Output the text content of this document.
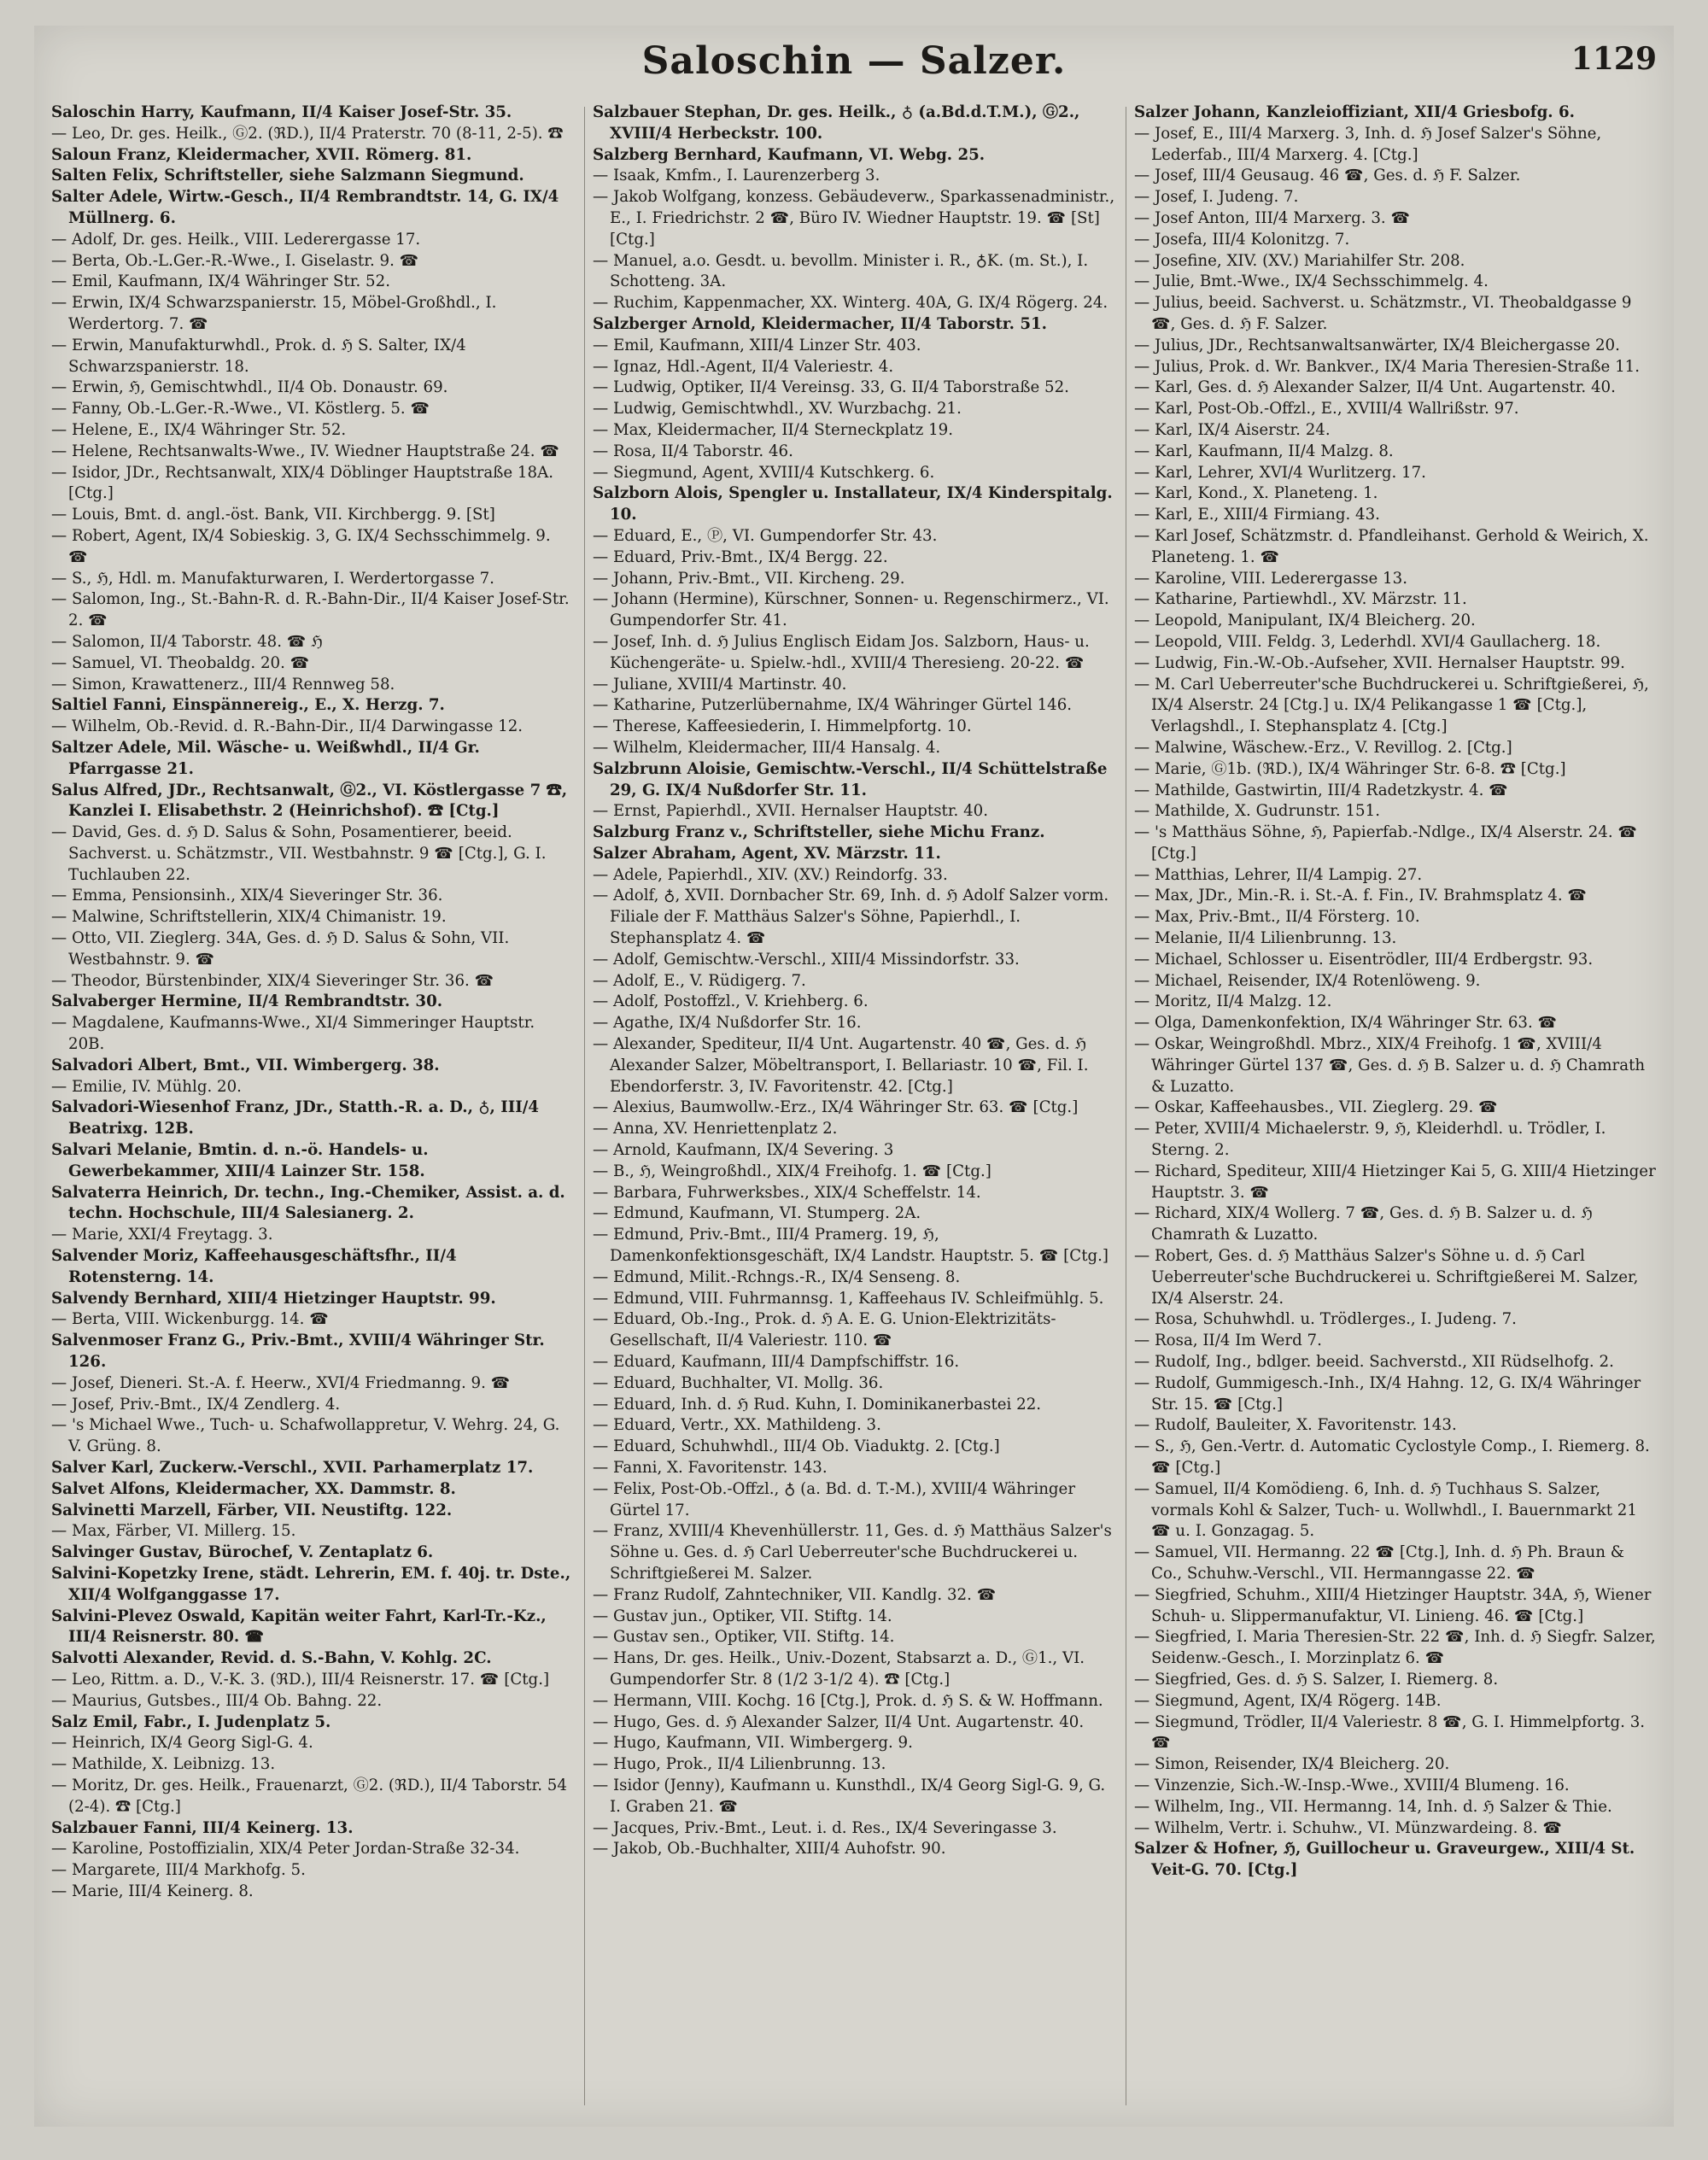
Saloschin — Salzer.	1129

Saloschin Harry, Kaufmann, II/4 Kaiser Josef-Str. 35.

— Leo, Dr. ges. Heilk., Ⓖ2. (ℜD.), II/4 Praterstr. 70 (8-11, 2-5). ☎

Saloun Franz, Kleidermacher, XVII. Römerg. 81.

Salten Felix, Schriftsteller, siehe Salzmann Siegmund.

Salter Adele, Wirtw.-Gesch., II/4 Rembrandtstr. 14, G. IX/4 Müllnerg. 6.

— Adolf, Dr. ges. Heilk., VIII. Lederergasse 17.

— Berta, Ob.-L.Ger.-R.-Wwe., I. Giselastr. 9. ☎

— Emil, Kaufmann, IX/4 Währinger Str. 52.

— Erwin, IX/4 Schwarzspanierstr. 15, Möbel-Großhdl., I. Werdertorg. 7. ☎

— Erwin, Manufakturwhdl., Prok. d. ℌ S. Salter, IX/4 Schwarzspanierstr. 18.

— Erwin, ℌ, Gemischtwhdl., II/4 Ob. Donaustr. 69.

— Fanny, Ob.-L.Ger.-R.-Wwe., VI. Köstlerg. 5. ☎

— Helene, E., IX/4 Währinger Str. 52.

— Helene, Rechtsanwalts-Wwe., IV. Wiedner Hauptstraße 24. ☎

— Isidor, JDr., Rechtsanwalt, XIX/4 Döblinger Hauptstraße 18A. [Ctg.]

— Louis, Bmt. d. angl.-öst. Bank, VII. Kirchbergg. 9. [St]

— Robert, Agent, IX/4 Sobieskig. 3, G. IX/4 Sechsschimmelg. 9. ☎

— S., ℌ, Hdl. m. Manufakturwaren, I. Werdertorgasse 7.

— Salomon, Ing., St.-Bahn-R. d. R.-Bahn-Dir., II/4 Kaiser Josef-Str. 2. ☎

— Salomon, II/4 Taborstr. 48. ☎ ℌ

— Samuel, VI. Theobaldg. 20. ☎

— Simon, Krawattenerz., III/4 Rennweg 58.

Saltiel Fanni, Einspännereig., E., X. Herzg. 7.

— Wilhelm, Ob.-Revid. d. R.-Bahn-Dir., II/4 Darwingasse 12.

Saltzer Adele, Mil. Wäsche- u. Weißwhdl., II/4 Gr. Pfarrgasse 21.

Salus Alfred, JDr., Rechtsanwalt, Ⓖ2., VI. Köstlergasse 7 ☎, Kanzlei I. Elisabethstr. 2 (Heinrichshof). ☎ [Ctg.]

— David, Ges. d. ℌ D. Salus & Sohn, Posamentierer, beeid. Sachverst. u. Schätzmstr., VII. Westbahnstr. 9 ☎ [Ctg.], G. I. Tuchlauben 22.

— Emma, Pensionsinh., XIX/4 Sieveringer Str. 36.

— Malwine, Schriftstellerin, XIX/4 Chimanistr. 19.

— Otto, VII. Zieglerg. 34A, Ges. d. ℌ D. Salus & Sohn, VII. Westbahnstr. 9. ☎

— Theodor, Bürstenbinder, XIX/4 Sieveringer Str. 36. ☎

Salvaberger Hermine, II/4 Rembrandtstr. 30.

— Magdalene, Kaufmanns-Wwe., XI/4 Simmeringer Hauptstr. 20B.

Salvadori Albert, Bmt., VII. Wimbergerg. 38.

— Emilie, IV. Mühlg. 20.

Salvadori-Wiesenhof Franz, JDr., Statth.-R. a. D., ♁, III/4 Beatrixg. 12B.

Salvari Melanie, Bmtin. d. n.-ö. Handels- u. Gewerbekammer, XIII/4 Lainzer Str. 158.

Salvaterra Heinrich, Dr. techn., Ing.-Chemiker, Assist. a. d. techn. Hochschule, III/4 Salesianerg. 2.

— Marie, XXI/4 Freytagg. 3.

Salvender Moriz, Kaffeehausgeschäftsfhr., II/4 Rotensterng. 14.

Salvendy Bernhard, XIII/4 Hietzinger Hauptstr. 99.

— Berta, VIII. Wickenburgg. 14. ☎

Salvenmoser Franz G., Priv.-Bmt., XVIII/4 Währinger Str. 126.

— Josef, Dieneri. St.-A. f. Heerw., XVI/4 Friedmanng. 9. ☎

— Josef, Priv.-Bmt., IX/4 Zendlerg. 4.

— 's Michael Wwe., Tuch- u. Schafwollappretur, V. Wehrg. 24, G. V. Grüng. 8.

Salver Karl, Zuckerw.-Verschl., XVII. Parhamerplatz 17.

Salvet Alfons, Kleidermacher, XX. Dammstr. 8.

Salvinetti Marzell, Färber, VII. Neustiftg. 122.

— Max, Färber, VI. Millerg. 15.

Salvinger Gustav, Bürochef, V. Zentaplatz 6.

Salvini-Kopetzky Irene, städt. Lehrerin, EM. f. 40j. tr. Dste., XII/4 Wolfganggasse 17.

Salvini-Plevez Oswald, Kapitän weiter Fahrt, Karl-Tr.-Kz., III/4 Reisnerstr. 80. ☎

Salvotti Alexander, Revid. d. S.-Bahn, V. Kohlg. 2C.

— Leo, Rittm. a. D., V.-K. 3. (ℜD.), III/4 Reisnerstr. 17. ☎ [Ctg.]

— Maurius, Gutsbes., III/4 Ob. Bahng. 22.

Salz Emil, Fabr., I. Judenplatz 5.

— Heinrich, IX/4 Georg Sigl-G. 4.

— Mathilde, X. Leibnizg. 13.

— Moritz, Dr. ges. Heilk., Frauenarzt, Ⓖ2. (ℜD.), II/4 Taborstr. 54 (2-4). ☎ [Ctg.]

Salzbauer Fanni, III/4 Keinerg. 13.

— Karoline, Postoffizialin, XIX/4 Peter Jordan-Straße 32-34.

— Margarete, III/4 Markhofg. 5.

— Marie, III/4 Keinerg. 8.

Salzbauer Stephan, Dr. ges. Heilk., ♁ (a.Bd.d.T.M.), Ⓖ2., XVIII/4 Herbeckstr. 100.

Salzberg Bernhard, Kaufmann, VI. Webg. 25.

— Isaak, Kmfm., I. Laurenzerberg 3.

— Jakob Wolfgang, konzess. Gebäudeverw., Sparkassenadministr., E., I. Friedrichstr. 2 ☎, Büro IV. Wiedner Hauptstr. 19. ☎ [St] [Ctg.]

— Manuel, a.o. Gesdt. u. bevollm. Minister i. R., ♁K. (m. St.), I. Schotteng. 3A.

— Ruchim, Kappenmacher, XX. Winterg. 40A, G. IX/4 Rögerg. 24.

Salzberger Arnold, Kleidermacher, II/4 Taborstr. 51.

— Emil, Kaufmann, XIII/4 Linzer Str. 403.

— Ignaz, Hdl.-Agent, II/4 Valeriestr. 4.

— Ludwig, Optiker, II/4 Vereinsg. 33, G. II/4 Taborstraße 52.

— Ludwig, Gemischtwhdl., XV. Wurzbachg. 21.

— Max, Kleidermacher, II/4 Sterneckplatz 19.

— Rosa, II/4 Taborstr. 46.

— Siegmund, Agent, XVIII/4 Kutschkerg. 6.

Salzborn Alois, Spengler u. Installateur, IX/4 Kinderspitalg. 10.

— Eduard, E., Ⓟ, VI. Gumpendorfer Str. 43.

— Eduard, Priv.-Bmt., IX/4 Bergg. 22.

— Johann, Priv.-Bmt., VII. Kircheng. 29.

— Johann (Hermine), Kürschner, Sonnen- u. Regenschirmerz., VI. Gumpendorfer Str. 41.

— Josef, Inh. d. ℌ Julius Englisch Eidam Jos. Salzborn, Haus- u. Küchengeräte- u. Spielw.-hdl., XVIII/4 Theresieng. 20-22. ☎

— Juliane, XVIII/4 Martinstr. 40.

— Katharine, Putzerlübernahme, IX/4 Währinger Gürtel 146.

— Therese, Kaffeesiederin, I. Himmelpfortg. 10.

— Wilhelm, Kleidermacher, III/4 Hansalg. 4.

Salzbrunn Aloisie, Gemischtw.-Verschl., II/4 Schüttelstraße 29, G. IX/4 Nußdorfer Str. 11.

— Ernst, Papierhdl., XVII. Hernalser Hauptstr. 40.

Salzburg Franz v., Schriftsteller, siehe Michu Franz.

Salzer Abraham, Agent, XV. Märzstr. 11.

— Adele, Papierhdl., XIV. (XV.) Reindorfg. 33.

— Adolf, ♁, XVII. Dornbacher Str. 69, Inh. d. ℌ Adolf Salzer vorm. Filiale der F. Matthäus Salzer's Söhne, Papierhdl., I. Stephansplatz 4. ☎

— Adolf, Gemischtw.-Verschl., XIII/4 Missindorfstr. 33.

— Adolf, E., V. Rüdigerg. 7.

— Adolf, Postoffzl., V. Kriehberg. 6.

— Agathe, IX/4 Nußdorfer Str. 16.

— Alexander, Spediteur, II/4 Unt. Augartenstr. 40 ☎, Ges. d. ℌ Alexander Salzer, Möbeltransport, I. Bellariastr. 10 ☎, Fil. I. Ebendorferstr. 3, IV. Favoritenstr. 42. [Ctg.]

— Alexius, Baumwollw.-Erz., IX/4 Währinger Str. 63. ☎ [Ctg.]

— Anna, XV. Henriettenplatz 2.

— Arnold, Kaufmann, IX/4 Severing. 3

— B., ℌ, Weingroßhdl., XIX/4 Freihofg. 1. ☎ [Ctg.]

— Barbara, Fuhrwerksbes., XIX/4 Scheffelstr. 14.

— Edmund, Kaufmann, VI. Stumperg. 2A.

— Edmund, Priv.-Bmt., III/4 Pramerg. 19, ℌ, Damenkonfektionsgeschäft, IX/4 Landstr. Hauptstr. 5. ☎ [Ctg.]

— Edmund, Milit.-Rchngs.-R., IX/4 Senseng. 8.

— Edmund, VIII. Fuhrmannsg. 1, Kaffeehaus IV. Schleifmühlg. 5.

— Eduard, Ob.-Ing., Prok. d. ℌ A. E. G. Union-Elektrizitäts-Gesellschaft, II/4 Valeriestr. 110. ☎

— Eduard, Kaufmann, III/4 Dampfschiffstr. 16.

— Eduard, Buchhalter, VI. Mollg. 36.

— Eduard, Inh. d. ℌ Rud. Kuhn, I. Dominikanerbastei 22.

— Eduard, Vertr., XX. Mathildeng. 3.

— Eduard, Schuhwhdl., III/4 Ob. Viaduktg. 2. [Ctg.]

— Fanni, X. Favoritenstr. 143.

— Felix, Post-Ob.-Offzl., ♁ (a. Bd. d. T.-M.), XVIII/4 Währinger Gürtel 17.

— Franz, XVIII/4 Khevenhüllerstr. 11, Ges. d. ℌ Matthäus Salzer's Söhne u. Ges. d. ℌ Carl Ueberreuter'sche Buchdruckerei u. Schriftgießerei M. Salzer.

— Franz Rudolf, Zahntechniker, VII. Kandlg. 32. ☎

— Gustav jun., Optiker, VII. Stiftg. 14.

— Gustav sen., Optiker, VII. Stiftg. 14.

— Hans, Dr. ges. Heilk., Univ.-Dozent, Stabsarzt a. D., Ⓖ1., VI. Gumpendorfer Str. 8 (1/2 3-1/2 4). ☎ [Ctg.]

— Hermann, VIII. Kochg. 16 [Ctg.], Prok. d. ℌ S. & W. Hoffmann.

— Hugo, Ges. d. ℌ Alexander Salzer, II/4 Unt. Augartenstr. 40.

— Hugo, Kaufmann, VII. Wimbergerg. 9.

— Hugo, Prok., II/4 Lilienbrunng. 13.

— Isidor (Jenny), Kaufmann u. Kunsthdl., IX/4 Georg Sigl-G. 9, G. I. Graben 21. ☎

— Jacques, Priv.-Bmt., Leut. i. d. Res., IX/4 Severingasse 3.

— Jakob, Ob.-Buchhalter, XIII/4 Auhofstr. 90.

Salzer Johann, Kanzleioffiziant, XII/4 Griesbofg. 6.

— Josef, E., III/4 Marxerg. 3, Inh. d. ℌ Josef Salzer's Söhne, Lederfab., III/4 Marxerg. 4. [Ctg.]

— Josef, III/4 Geusaug. 46 ☎, Ges. d. ℌ F. Salzer.

— Josef, I. Judeng. 7.

— Josef Anton, III/4 Marxerg. 3. ☎

— Josefa, III/4 Kolonitzg. 7.

— Josefine, XIV. (XV.) Mariahilfer Str. 208.

— Julie, Bmt.-Wwe., IX/4 Sechsschimmelg. 4.

— Julius, beeid. Sachverst. u. Schätzmstr., VI. Theobaldgasse 9 ☎, Ges. d. ℌ F. Salzer.

— Julius, JDr., Rechtsanwaltsanwärter, IX/4 Bleichergasse 20.

— Julius, Prok. d. Wr. Bankver., IX/4 Maria Theresien-Straße 11.

— Karl, Ges. d. ℌ Alexander Salzer, II/4 Unt. Augartenstr. 40.

— Karl, Post-Ob.-Offzl., E., XVIII/4 Wallrißstr. 97.

— Karl, IX/4 Aiserstr. 24.

— Karl, Kaufmann, II/4 Malzg. 8.

— Karl, Lehrer, XVI/4 Wurlitzerg. 17.

— Karl, Kond., X. Planeteng. 1.

— Karl, E., XIII/4 Firmiang. 43.

— Karl Josef, Schätzmstr. d. Pfandleihanst. Gerhold & Weirich, X. Planeteng. 1. ☎

— Karoline, VIII. Lederergasse 13.

— Katharine, Partiewhdl., XV. Märzstr. 11.

— Leopold, Manipulant, IX/4 Bleicherg. 20.

— Leopold, VIII. Feldg. 3, Lederhdl. XVI/4 Gaullacherg. 18.

— Ludwig, Fin.-W.-Ob.-Aufseher, XVII. Hernalser Hauptstr. 99.

— M. Carl Ueberreuter'sche Buchdruckerei u. Schriftgießerei, ℌ, IX/4 Alserstr. 24 [Ctg.] u. IX/4 Pelikangasse 1 ☎ [Ctg.], Verlagshdl., I. Stephansplatz 4. [Ctg.]

— Malwine, Wäschew.-Erz., V. Revillog. 2. [Ctg.]

— Marie, Ⓖ1b. (ℜD.), IX/4 Währinger Str. 6-8. ☎ [Ctg.]

— Mathilde, Gastwirtin, III/4 Radetzkystr. 4. ☎

— Mathilde, X. Gudrunstr. 151.

— 's Matthäus Söhne, ℌ, Papierfab.-Ndlge., IX/4 Alserstr. 24. ☎ [Ctg.]

— Matthias, Lehrer, II/4 Lampig. 27.

— Max, JDr., Min.-R. i. St.-A. f. Fin., IV. Brahmsplatz 4. ☎

— Max, Priv.-Bmt., II/4 Försterg. 10.

— Melanie, II/4 Lilienbrunng. 13.

— Michael, Schlosser u. Eisentrödler, III/4 Erdbergstr. 93.

— Michael, Reisender, IX/4 Rotenlöweng. 9.

— Moritz, II/4 Malzg. 12.

— Olga, Damenkonfektion, IX/4 Währinger Str. 63. ☎

— Oskar, Weingroßhdl. Mbrz., XIX/4 Freihofg. 1 ☎, XVIII/4 Währinger Gürtel 137 ☎, Ges. d. ℌ B. Salzer u. d. ℌ Chamrath & Luzatto.

— Oskar, Kaffeehausbes., VII. Zieglerg. 29. ☎

— Peter, XVIII/4 Michaelerstr. 9, ℌ, Kleiderhdl. u. Trödler, I. Sterng. 2.

— Richard, Spediteur, XIII/4 Hietzinger Kai 5, G. XIII/4 Hietzinger Hauptstr. 3. ☎

— Richard, XIX/4 Wollerg. 7 ☎, Ges. d. ℌ B. Salzer u. d. ℌ Chamrath & Luzatto.

— Robert, Ges. d. ℌ Matthäus Salzer's Söhne u. d. ℌ Carl Ueberreuter'sche Buchdruckerei u. Schriftgießerei M. Salzer, IX/4 Alserstr. 24.

— Rosa, Schuhwhdl. u. Trödlerges., I. Judeng. 7.

— Rosa, II/4 Im Werd 7.

— Rudolf, Ing., bdlger. beeid. Sachverstd., XII Rüdselhofg. 2.

— Rudolf, Gummigesch.-Inh., IX/4 Hahng. 12, G. IX/4 Währinger Str. 15. ☎ [Ctg.]

— Rudolf, Bauleiter, X. Favoritenstr. 143.

— S., ℌ, Gen.-Vertr. d. Automatic Cyclostyle Comp., I. Riemerg. 8. ☎ [Ctg.]

— Samuel, II/4 Komödieng. 6, Inh. d. ℌ Tuchhaus S. Salzer, vormals Kohl & Salzer, Tuch- u. Wollwhdl., I. Bauernmarkt 21 ☎ u. I. Gonzagag. 5.

— Samuel, VII. Hermanng. 22 ☎ [Ctg.], Inh. d. ℌ Ph. Braun & Co., Schuhw.-Verschl., VII. Hermanngasse 22. ☎

— Siegfried, Schuhm., XIII/4 Hietzinger Hauptstr. 34A, ℌ, Wiener Schuh- u. Slippermanufaktur, VI. Linieng. 46. ☎ [Ctg.]

— Siegfried, I. Maria Theresien-Str. 22 ☎, Inh. d. ℌ Siegfr. Salzer, Seidenw.-Gesch., I. Morzinplatz 6. ☎

— Siegfried, Ges. d. ℌ S. Salzer, I. Riemerg. 8.

— Siegmund, Agent, IX/4 Rögerg. 14B.

— Siegmund, Trödler, II/4 Valeriestr. 8 ☎, G. I. Himmelpfortg. 3. ☎

— Simon, Reisender, IX/4 Bleicherg. 20.

— Vinzenzie, Sich.-W.-Insp.-Wwe., XVIII/4 Blumeng. 16.

— Wilhelm, Ing., VII. Hermanng. 14, Inh. d. ℌ Salzer & Thie.

— Wilhelm, Vertr. i. Schuhw., VI. Münzwardeing. 8. ☎

Salzer & Hofner, ℌ, Guillocheur u. Graveurgew., XIII/4 St. Veit-G. 70. [Ctg.]
